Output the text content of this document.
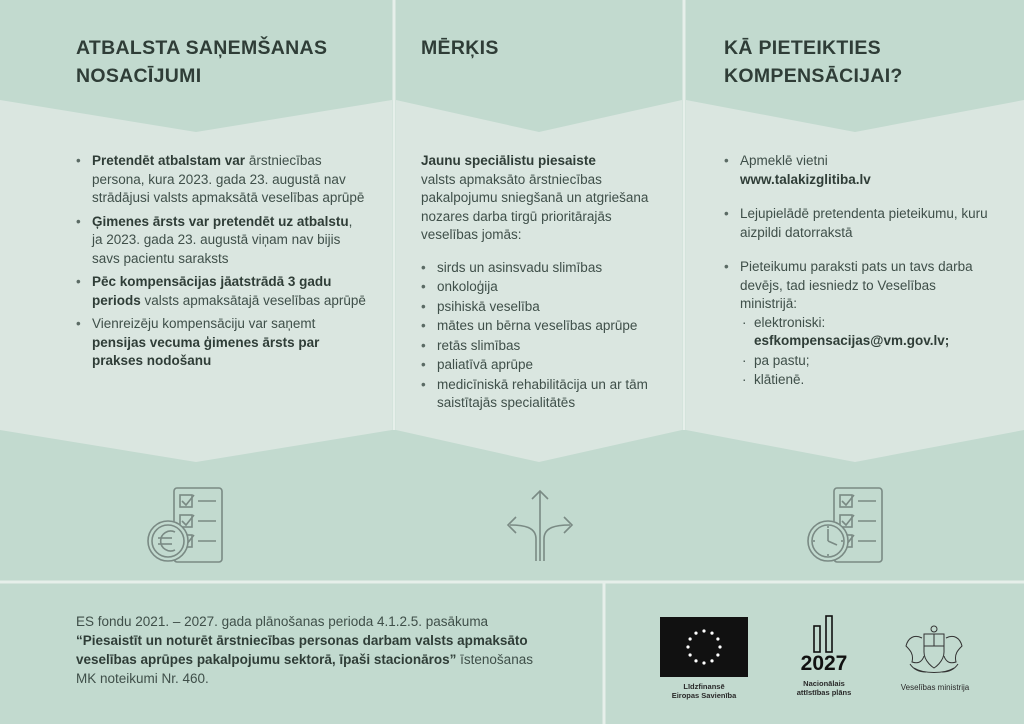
ATBALSTA SAŅEMŠANAS
NOSACĪJUMI
MĒRĶIS	KĀ PIETEIKTIES
KOMPENSĀCIJAI?
• Pretendēt atbalstam var ārstniecības persona, kura 2023. gada 23. augustā nav strādājusi valsts apmaksātā veselības aprūpē
• Ģimenes ārsts var pretendēt uz atbalstu, ja 2023. gada 23. augustā viņam nav bijis savs pacientu saraksts
• Pēc kompensācijas jāatstrādā 3 gadu periods valsts apmaksātajā veselības aprūpē
• Vienreizēju kompensāciju var saņemt pensijas vecuma ģimenes ārsts par prakses nodošanu
Jaunu speciālistu piesaiste
valsts apmaksāto ārstniecības pakalpojumu sniegšanā un atgriešana nozares darba tirgū prioritārajās veselības jomās:
• sirds un asinsvadu slimības
• onkoloģija
• psihiskā veselība
• mātes un bērna veselības aprūpe
• retās slimības
• paliatīvā aprūpe
• medicīniskā rehabilitācija un ar tām saistītajās specialitātēs
• Apmeklē vietni
www.talakizglitiba.lv
• Lejupielādē pretendenta pieteikumu, kuru aizpildi datorrakstā
• Pieteikumu paraksti pats un tavs darba devējs, tad iesniedz to Veselības ministrijā:
· elektroniski:
esfkompensacijas@vm.gov.lv;
· pa pastu;
· klātienē.
ES fondu 2021. – 2027. gada plānošanas perioda 4.1.2.5. pasākuma
“Piesaistīt un noturēt ārstniecības personas darbam valsts apmaksāto veselības aprūpes pakalpojumu sektorā, īpaši stacionāros” īstenošanas MK noteikumi Nr. 460.
Līdzfinansē
Eiropas Savienība
2027
Nacionālais
attīstības plāns
Veselības ministrija
